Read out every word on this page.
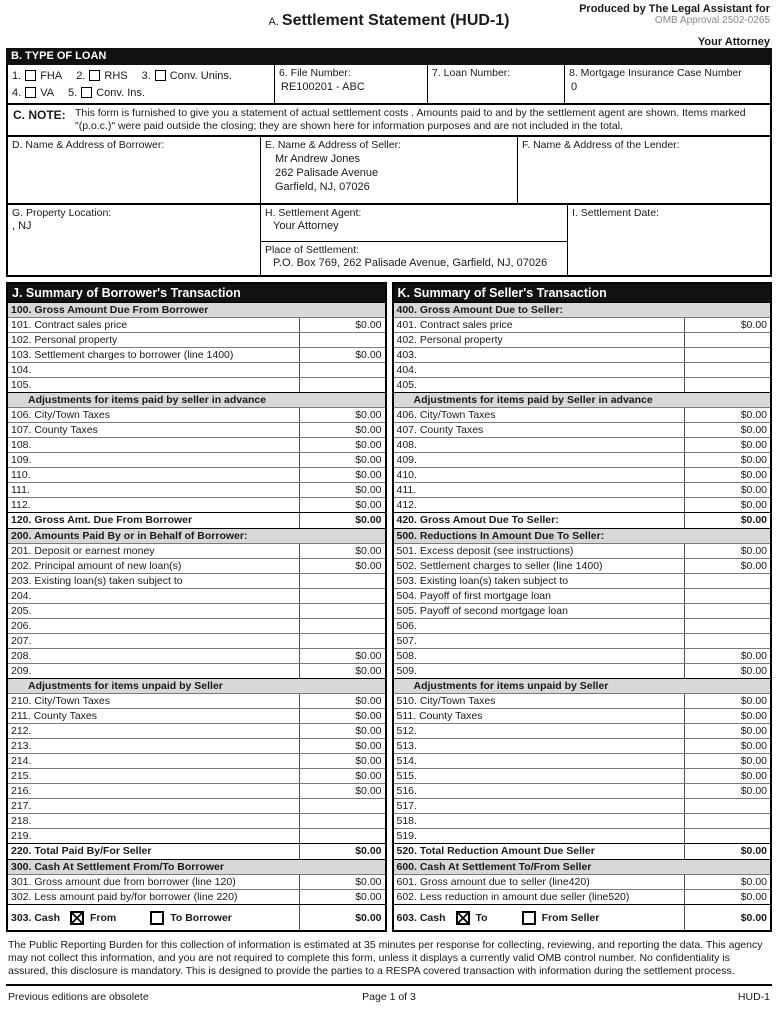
A. Settlement Statement (HUD-1)
Produced by The Legal Assistant for
OMB Approval 2502-0265
Your Attorney
B. TYPE OF LOAN
1. FHA 2. RHS 3. Conv. Unins.
4. VA 5. Conv. Ins.
6. File Number:
RE100201 - ABC
7. Loan Number:	8. Mortgage Insurance Case Number
0
C. NOTE: This form is furnished to give you a statement of actual settlement costs . Amounts paid to and by the settlement agent are shown. Items marked
"(p.o.c.)" were paid outside the closing; they are shown here for information purposes and are not included in the total.
D. Name & Address of Borrower:	E. Name & Address of Seller:
Mr Andrew Jones
262 Palisade Avenue
Garfield, NJ, 07026
F. Name & Address of the Lender:
G. Property Location:
, NJ
H. Settlement Agent:
Your Attorney
I. Settlement Date:
Place of Settlement:
P.O. Box 769, 262 Palisade Avenue, Garfield, NJ, 07026
J. Summary of Borrower's Transaction
100. Gross Amount Due From Borrower
101. Contract sales price	$0.00
102. Personal property
103. Settlement charges to borrower (line 1400)	$0.00
104.
105.
Adjustments for items paid by seller in advance
106. City/Town Taxes	$0.00
107. County Taxes	$0.00
108.	$0.00
109.	$0.00
110.	$0.00
111.	$0.00
112.	$0.00
120. Gross Amt. Due From Borrower	$0.00
200. Amounts Paid By or in Behalf of Borrower:
201. Deposit or earnest money	$0.00
202. Principal amount of new loan(s)	$0.00
203. Existing loan(s) taken subject to
204.
205.
206.
207.
208.	$0.00
209.	$0.00
Adjustments for items unpaid by Seller
210. City/Town Taxes	$0.00
211. County Taxes	$0.00
212.	$0.00
213.	$0.00
214.	$0.00
215.	$0.00
216.	$0.00
217.
218.
219.
220. Total Paid By/For Seller	$0.00
300. Cash At Settlement From/To Borrower
301. Gross amount due from borrower (line 120)	$0.00
302. Less amount paid by/for borrower (line 220)	$0.00
303. Cash	From	To Borrower	$0.00
K. Summary of Seller's Transaction
400. Gross Amount Due to Seller:
401. Contract sales price	$0.00
402. Personal property
403.
404.
405.
Adjustments for items paid by Seller in advance
406. City/Town Taxes	$0.00
407. County Taxes	$0.00
408.	$0.00
409.	$0.00
410.	$0.00
411.	$0.00
412.	$0.00
420. Gross Amout Due To Seller:	$0.00
500. Reductions In Amount Due To Seller:
501. Excess deposit (see instructions)	$0.00
502. Settlement charges to seller (line 1400)	$0.00
503. Existing loan(s) taken subject to
504. Payoff of first mortgage loan
505. Payoff of second mortgage loan
506.
507.
508.	$0.00
509.	$0.00
Adjustments for items unpaid by Seller
510. City/Town Taxes	$0.00
511. County Taxes	$0.00
512.	$0.00
513.	$0.00
514.	$0.00
515.	$0.00
516.	$0.00
517.
518.
519.
520. Total Reduction Amount Due Seller	$0.00
600. Cash At Settlement To/From Seller
601. Gross amount due to seller (line420)	$0.00
602. Less reduction in amount due seller (line520)	$0.00
603. Cash	To	From Seller	$0.00
The Public Reporting Burden for this collection of information is estimated at 35 minutes per response for collecting, reviewing, and reporting the data. This agency may not collect this information, and you are not required to complete this form, unless it displays a currently valid OMB control number. No confidentiality is assured, this disclosure is mandatory. This is designed to provide the parties to a RESPA covered transaction with information during the settlement process.
Previous editions are obsolete	Page 1 of 3	HUD-1
